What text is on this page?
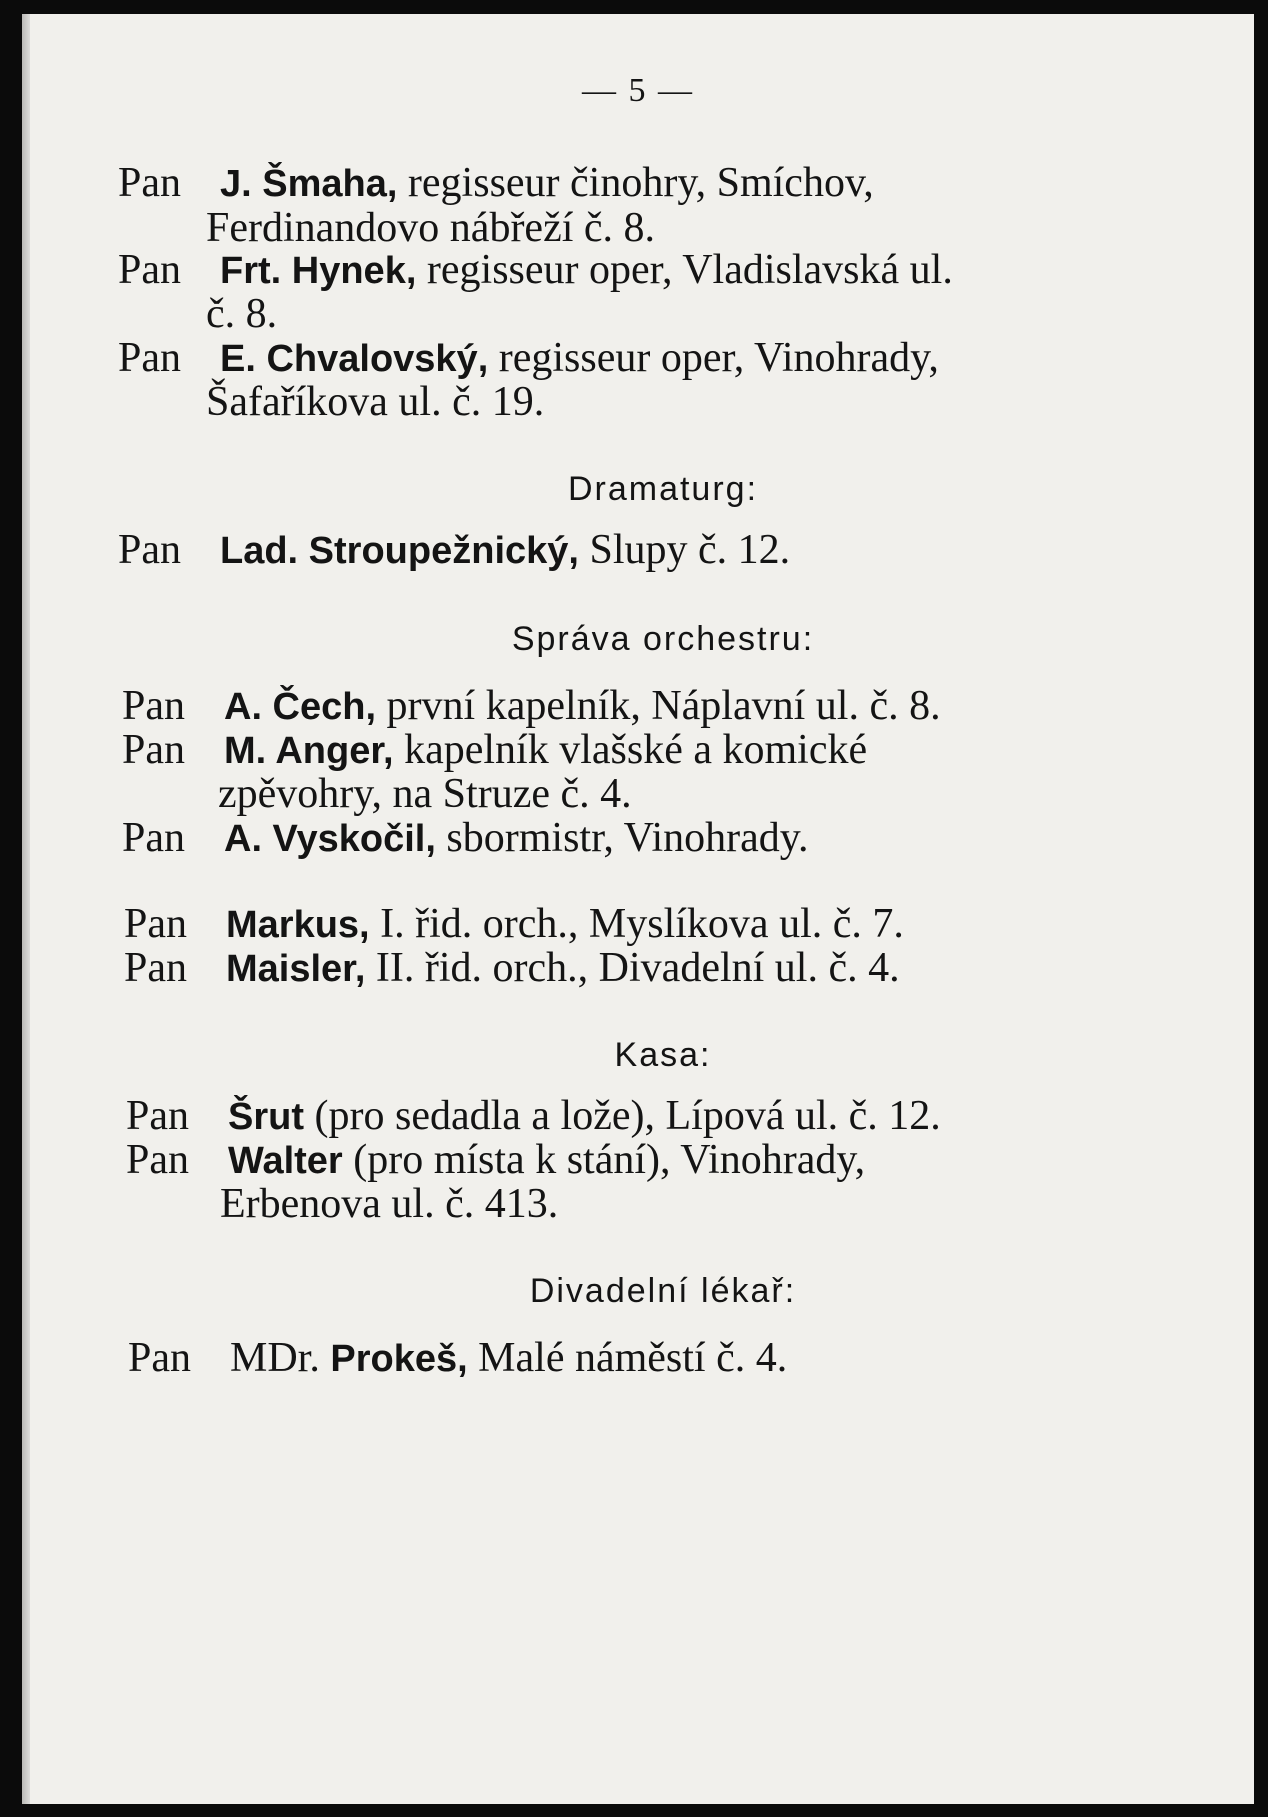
— 5 —
Pan J. Šmaha, regisseur činohry, Smíchov,
Ferdinandovo nábřeží č. 8.
Pan Frt. Hynek, regisseur oper, Vladislavská ul.
č. 8.
Pan E. Chvalovský, regisseur oper, Vinohrady,
Šafaříkova ul. č. 19.
Dramaturg:
Pan Lad. Stroupežnický, Slupy č. 12.
Správa orchestru:
Pan A. Čech, první kapelník, Náplavní ul. č. 8.
Pan M. Anger, kapelník vlašské a komické
zpěvohry, na Struze č. 4.
Pan A. Vyskočil, sbormistr, Vinohrady.
Pan Markus, I. řid. orch., Myslíkova ul. č. 7.
Pan Maisler, II. řid. orch., Divadelní ul. č. 4.
Kasa:
Pan Šrut (pro sedadla a lože), Lípová ul. č. 12.
Pan Walter (pro místa k stání), Vinohrady,
Erbenova ul. č. 413.
Divadelní lékař:
Pan MDr. Prokeš, Malé náměstí č. 4.
